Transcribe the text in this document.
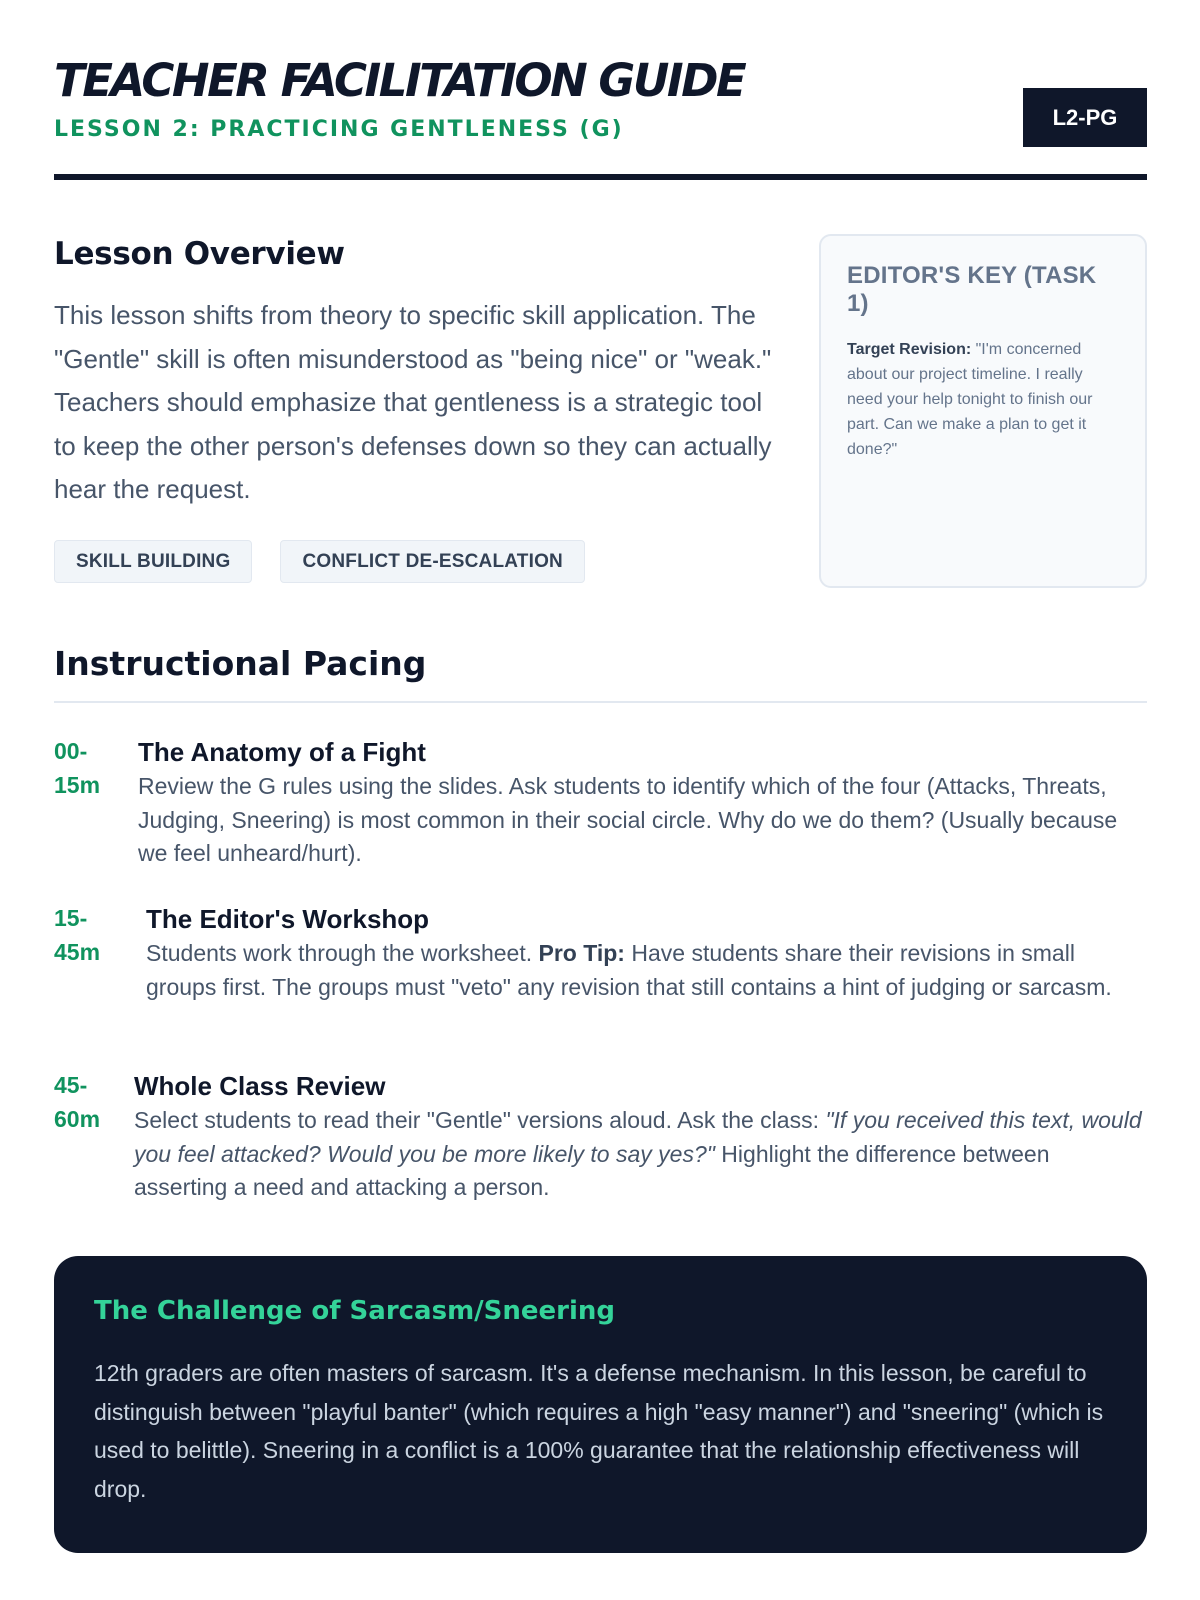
TEACHER FACILITATION GUIDE
LESSON 2: PRACTICING GENTLENESS (G)	L2-PG
Lesson Overview

This lesson shifts from theory to specific skill application. The "Gentle" skill is often misunderstood as "being nice" or "weak." Teachers should emphasize that gentleness is a strategic tool to keep the other person's defenses down so they can actually hear the request.

SKILL BUILDING	CONFLICT DE-ESCALATION
EDITOR'S KEY (TASK 1)

Target Revision: "I'm concerned about our project timeline. I really need your help tonight to finish our part. Can we make a plan to get it done?"

Instructional Pacing
00-
15m
The Anatomy of a Fight

Review the G rules using the slides. Ask students to identify which of the four (Attacks, Threats, Judging, Sneering) is most common in their social circle. Why do we do them? (Usually because we feel unheard/hurt).

15-
45m
The Editor's Workshop

Students work through the worksheet. Pro Tip: Have students share their revisions in small groups first. The groups must "veto" any revision that still contains a hint of judging or sarcasm.

45-
60m
Whole Class Review

Select students to read their "Gentle" versions aloud. Ask the class: "If you received this text, would you feel attacked? Would you be more likely to say yes?" Highlight the difference between asserting a need and attacking a person.

The Challenge of Sarcasm/Sneering

12th graders are often masters of sarcasm. It's a defense mechanism. In this lesson, be careful to distinguish between "playful banter" (which requires a high "easy manner") and "sneering" (which is used to belittle). Sneering in a conflict is a 100% guarantee that the relationship effectiveness will drop.
